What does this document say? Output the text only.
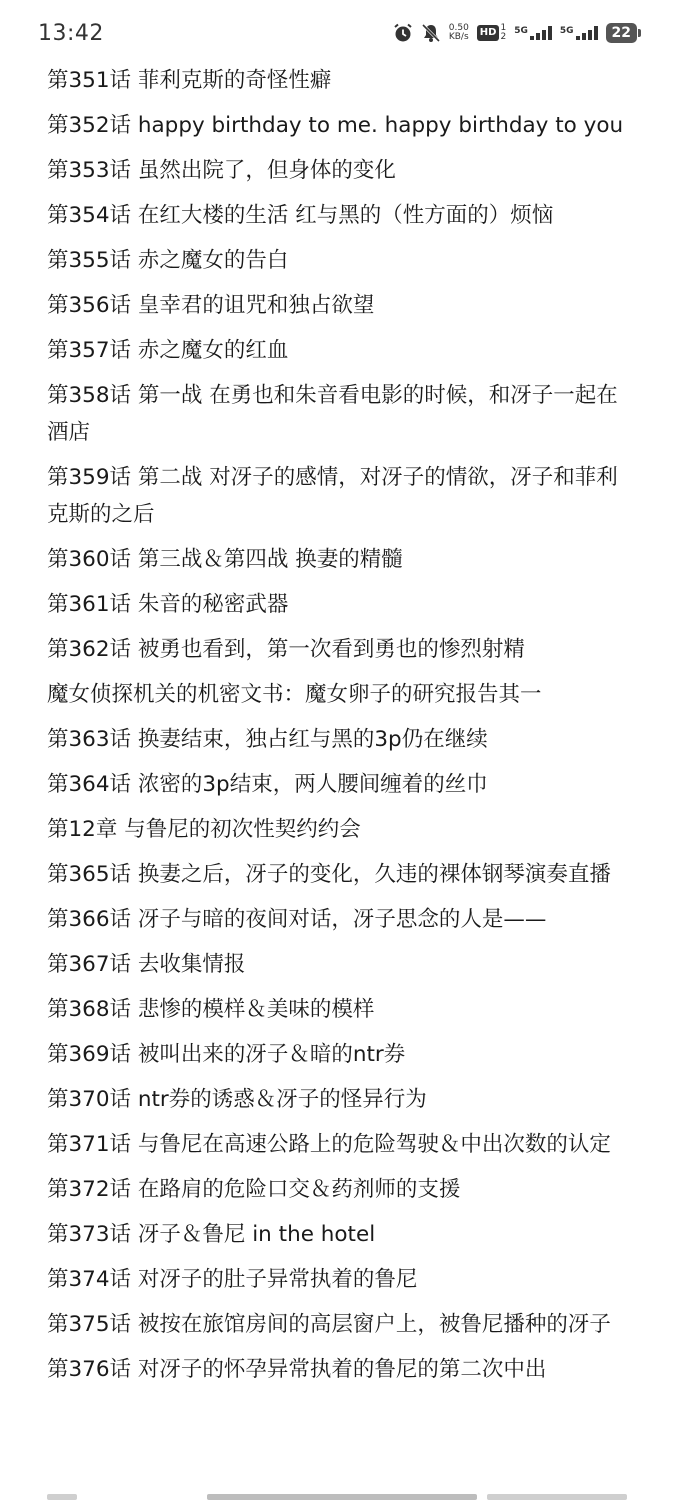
13:42	0.50
KB/s	HD 1
2
5G	5G	22
第351话 菲利克斯的奇怪性癖
第352话 happy birthday to me. happy birthday to you
第353话 虽然出院了，但身体的变化
第354话 在红大楼的生活 红与黑的（性方面的）烦恼
第355话 赤之魔女的告白
第356话 皇幸君的诅咒和独占欲望
第357话 赤之魔女的红血
第358话 第一战 在勇也和朱音看电影的时候，和冴子一起在酒店
第359话 第二战 对冴子的感情，对冴子的情欲，冴子和菲利克斯的之后
第360话 第三战＆第四战 换妻的精髓
第361话 朱音的秘密武器
第362话 被勇也看到，第一次看到勇也的惨烈射精
魔女侦探机关的机密文书：魔女卵子的研究报告其一
第363话 换妻结束，独占红与黑的3p仍在继续
第364话 浓密的3p结束，两人腰间缠着的丝巾
第12章 与鲁尼的初次性契约约会
第365话 换妻之后，冴子的变化，久违的裸体钢琴演奏直播
第366话 冴子与暗的夜间对话，冴子思念的人是——
第367话 去收集情报
第368话 悲惨的模样＆美味的模样
第369话 被叫出来的冴子＆暗的ntr券
第370话 ntr券的诱惑＆冴子的怪异行为
第371话 与鲁尼在高速公路上的危险驾驶＆中出次数的认定
第372话 在路肩的危险口交＆药剂师的支援
第373话 冴子＆鲁尼 in the hotel
第374话 对冴子的肚子异常执着的鲁尼
第375话 被按在旅馆房间的高层窗户上，被鲁尼播种的冴子
第376话 对冴子的怀孕异常执着的鲁尼的第二次中出
